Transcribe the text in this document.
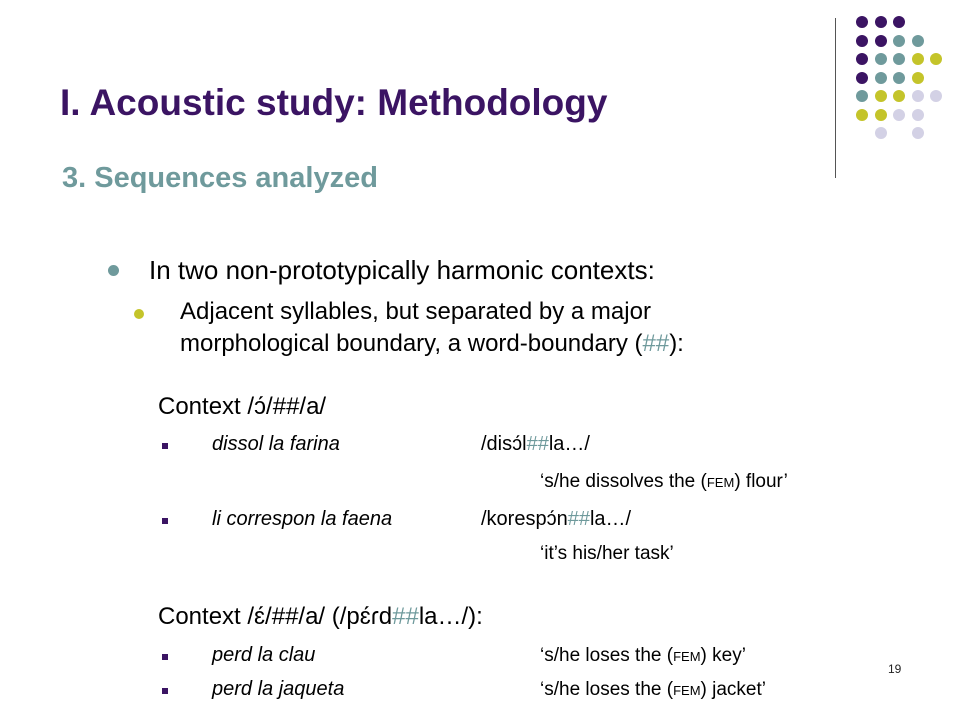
I. Acoustic study: Methodology
3. Sequences analyzed
In two non-prototypically harmonic contexts:
Adjacent syllables, but separated by a major
morphological boundary, a word-boundary (##):
Context /ɔ́/##/a/
dissol la farina	/disɔ́l##la…/
‘s/he dissolves the (FEM) flour’
li correspon la faena	/korespɔ́n##la…/
‘it’s his/her task’
Context /ɛ́/##/a/ (/pɛ́ɾd##la…/):
perd la clau	‘s/he loses the (FEM) key’
perd la jaqueta	‘s/he loses the (FEM) jacket’
19
